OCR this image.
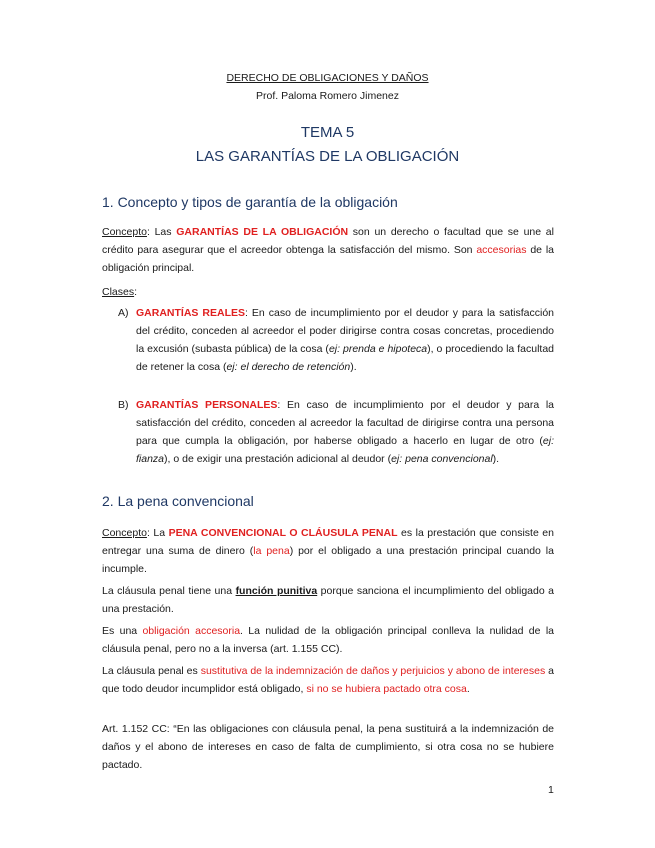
DERECHO DE OBLIGACIONES Y DAÑOS
Prof. Paloma Romero Jimenez
TEMA 5
LAS GARANTÍAS DE LA OBLIGACIÓN
1. Concepto y tipos de garantía de la obligación
Concepto: Las GARANTÍAS DE LA OBLIGACIÓN son un derecho o facultad que se une al crédito para asegurar que el acreedor obtenga la satisfacción del mismo. Son accesorias de la obligación principal.
Clases:
A) GARANTÍAS REALES: En caso de incumplimiento por el deudor y para la satisfacción del crédito, conceden al acreedor el poder dirigirse contra cosas concretas, procediendo la excusión (subasta pública) de la cosa (ej: prenda e hipoteca), o procediendo la facultad de retener la cosa (ej: el derecho de retención).
B) GARANTÍAS PERSONALES: En caso de incumplimiento por el deudor y para la satisfacción del crédito, conceden al acreedor la facultad de dirigirse contra una persona para que cumpla la obligación, por haberse obligado a hacerlo en lugar de otro (ej: fianza), o de exigir una prestación adicional al deudor (ej: pena convencional).
2. La pena convencional
Concepto: La PENA CONVENCIONAL O CLÁUSULA PENAL es la prestación que consiste en entregar una suma de dinero (la pena) por el obligado a una prestación principal cuando la incumple.
La cláusula penal tiene una función punitiva porque sanciona el incumplimiento del obligado a una prestación.
Es una obligación accesoria. La nulidad de la obligación principal conlleva la nulidad de la cláusula penal, pero no a la inversa (art. 1.155 CC).
La cláusula penal es sustitutiva de la indemnización de daños y perjuicios y abono de intereses a que todo deudor incumplidor está obligado, si no se hubiera pactado otra cosa.
Art. 1.152 CC: “En las obligaciones con cláusula penal, la pena sustituirá a la indemnización de daños y el abono de intereses en caso de falta de cumplimiento, si otra cosa no se hubiere pactado.
1
